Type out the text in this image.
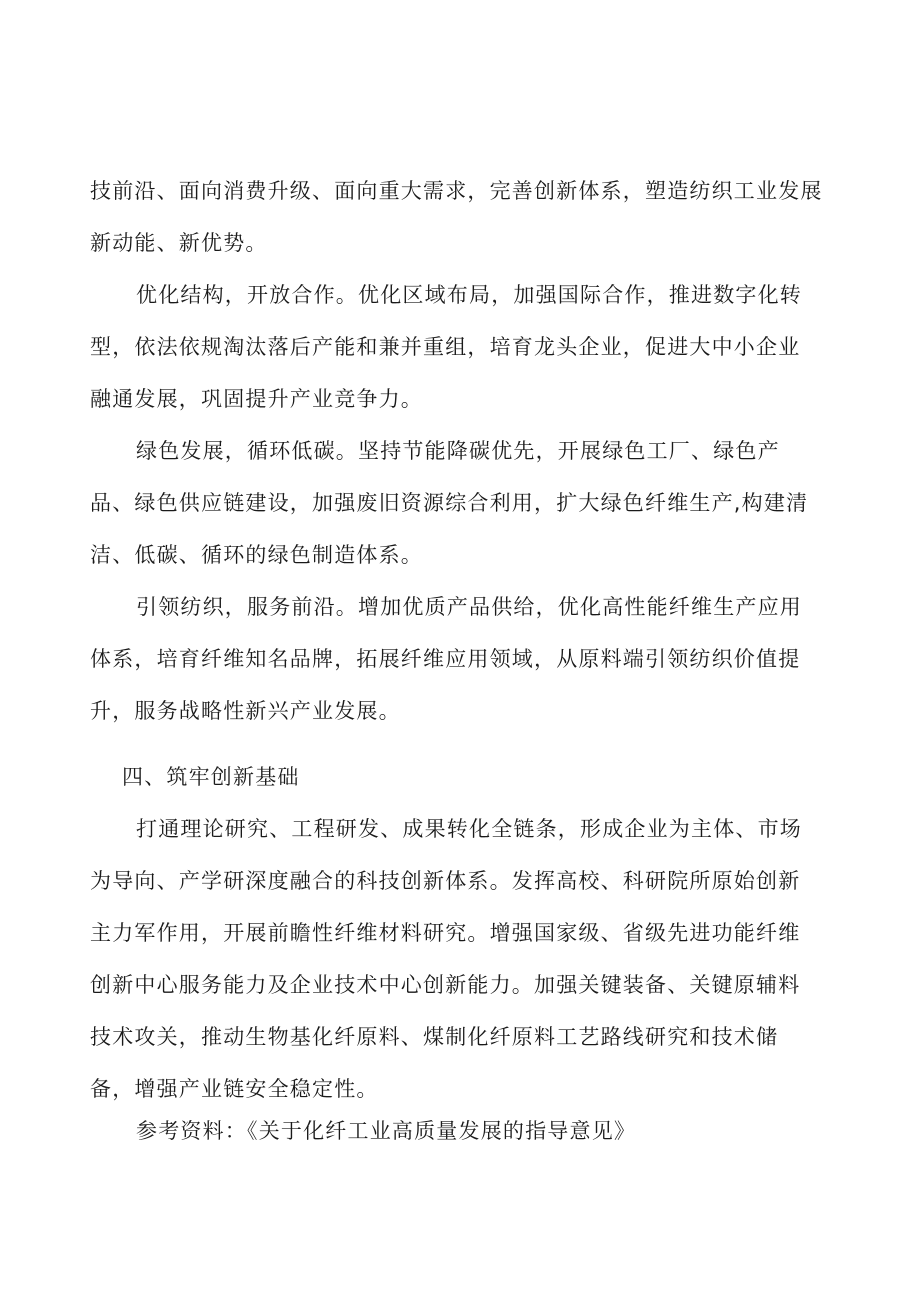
技前沿、面向消费升级、面向重大需求，完善创新体系，塑造纺织工业发展
新动能、新优势。
优化结构，开放合作。优化区域布局，加强国际合作，推进数字化转
型，依法依规淘汰落后产能和兼并重组，培育龙头企业，促进大中小企业
融通发展，巩固提升产业竞争力。
绿色发展，循环低碳。坚持节能降碳优先，开展绿色工厂、绿色产
品、绿色供应链建设，加强废旧资源综合利用，扩大绿色纤维生产,构建清
洁、低碳、循环的绿色制造体系。
引领纺织，服务前沿。增加优质产品供给，优化高性能纤维生产应用
体系，培育纤维知名品牌，拓展纤维应用领域，从原料端引领纺织价值提
升，服务战略性新兴产业发展。
四、筑牢创新基础
打通理论研究、工程研发、成果转化全链条，形成企业为主体、市场
为导向、产学研深度融合的科技创新体系。发挥高校、科研院所原始创新
主力军作用，开展前瞻性纤维材料研究。增强国家级、省级先进功能纤维
创新中心服务能力及企业技术中心创新能力。加强关键装备、关键原辅料
技术攻关，推动生物基化纤原料、煤制化纤原料工艺路线研究和技术储
备，增强产业链安全稳定性。
参考资料：《关于化纤工业高质量发展的指导意见》
